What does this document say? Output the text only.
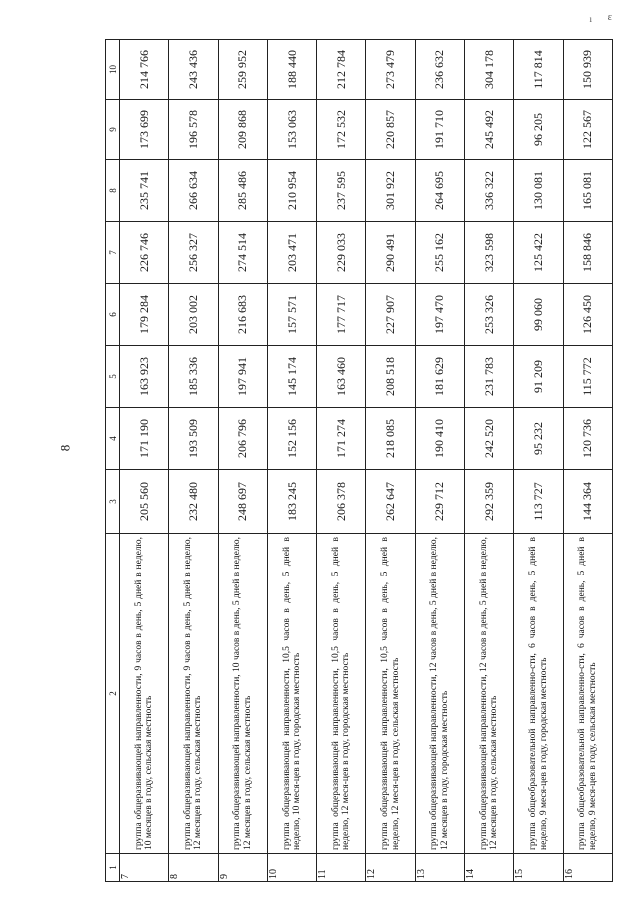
8
ı ɛ
1	2	3	4	5	6	7	8	9	10
7	группа общеразвивающей направленности, 9 часов в день, 5 дней в неделю, 10 месяцев в году, сельская местность	205 560	171 190	163 923	179 284	226 746	235 741	173 699	214 766
8	группа общеразвивающей направленности, 9 часов в день, 5 дней в неделю, 12 месяцев в году, сельская местность	232 480	193 509	185 336	203 002	256 327	266 634	196 578	243 436
9	группа общеразвивающей направленности, 10 часов в день, 5 дней в неделю, 12 месяцев в году, сельская местность	248 697	206 796	197 941	216 683	274 514	285 486	209 868	259 952
10	группа общеразвивающей направленности, 10,5 часов в день, 5 дней в неделю, 10 меся-цев в году, городская местность	183 245	152 156	145 174	157 571	203 471	210 954	153 063	188 440
11	группа общеразвивающей направленности, 10,5 часов в день, 5 дней в неделю, 12 меся-цев в году, городская местность	206 378	171 274	163 460	177 717	229 033	237 595	172 532	212 784
12	группа общеразвивающей направленности, 10,5 часов в день, 5 дней в неделю, 12 меся-цев в году, сельская местность	262 647	218 085	208 518	227 907	290 491	301 922	220 857	273 479
13	группа общеразвивающей направленности, 12 часов в день, 5 дней в неделю, 12 месяцев в году, городская местность	229 712	190 410	181 629	197 470	255 162	264 695	191 710	236 632
14	группа общеразвивающей направленности, 12 часов в день, 5 дней в неделю, 12 месяцев в году, сельская местность	292 359	242 520	231 783	253 326	323 598	336 322	245 492	304 178
15	группа общеобразовательной направленно-сти, 6 часов в день, 5 дней в неделю, 9 меся-цев в году, городская местность	113 727	95 232	91 209	99 060	125 422	130 081	96 205	117 814
16	группа общеобразовательной направленно-сти, 6 часов в день, 5 дней в неделю, 9 меся-цев в году, сельская местность	144 364	120 736	115 772	126 450	158 846	165 081	122 567	150 939
